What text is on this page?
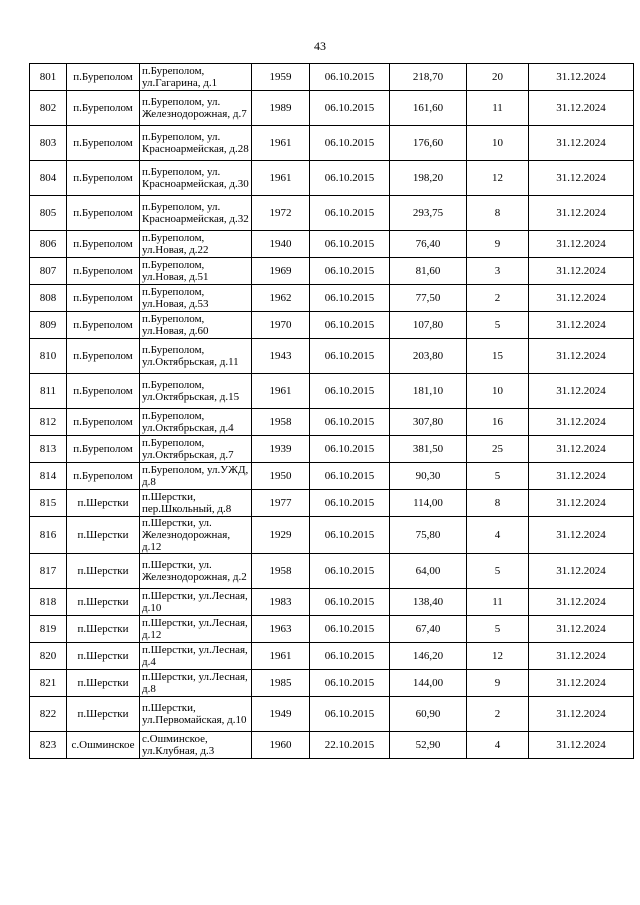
43
801	п.Буреполом	п.Буреполом, ул.Гагарина, д.1	1959	06.10.2015	218,70	20	31.12.2024
802	п.Буреполом	п.Буреполом, ул. Железнодорожная, д.7	1989	06.10.2015	161,60	11	31.12.2024
803	п.Буреполом	п.Буреполом, ул. Красноармейская, д.28	1961	06.10.2015	176,60	10	31.12.2024
804	п.Буреполом	п.Буреполом, ул. Красноармейская, д.30	1961	06.10.2015	198,20	12	31.12.2024
805	п.Буреполом	п.Буреполом, ул. Красноармейская, д.32	1972	06.10.2015	293,75	8	31.12.2024
806	п.Буреполом	п.Буреполом, ул.Новая, д.22	1940	06.10.2015	76,40	9	31.12.2024
807	п.Буреполом	п.Буреполом, ул.Новая, д.51	1969	06.10.2015	81,60	3	31.12.2024
808	п.Буреполом	п.Буреполом, ул.Новая, д.53	1962	06.10.2015	77,50	2	31.12.2024
809	п.Буреполом	п.Буреполом, ул.Новая, д.60	1970	06.10.2015	107,80	5	31.12.2024
810	п.Буреполом	п.Буреполом, ул.Октябрьская, д.11	1943	06.10.2015	203,80	15	31.12.2024
811	п.Буреполом	п.Буреполом, ул.Октябрьская, д.15	1961	06.10.2015	181,10	10	31.12.2024
812	п.Буреполом	п.Буреполом, ул.Октябрьская, д.4	1958	06.10.2015	307,80	16	31.12.2024
813	п.Буреполом	п.Буреполом, ул.Октябрьская, д.7	1939	06.10.2015	381,50	25	31.12.2024
814	п.Буреполом	п.Буреполом, ул.УЖД, д.8	1950	06.10.2015	90,30	5	31.12.2024
815	п.Шерстки	п.Шерстки, пер.Школьный, д.8	1977	06.10.2015	114,00	8	31.12.2024
816	п.Шерстки	п.Шерстки, ул. Железнодорожная, д.12	1929	06.10.2015	75,80	4	31.12.2024
817	п.Шерстки	п.Шерстки, ул. Железнодорожная, д.2	1958	06.10.2015	64,00	5	31.12.2024
818	п.Шерстки	п.Шерстки, ул.Лесная, д.10	1983	06.10.2015	138,40	11	31.12.2024
819	п.Шерстки	п.Шерстки, ул.Лесная, д.12	1963	06.10.2015	67,40	5	31.12.2024
820	п.Шерстки	п.Шерстки, ул.Лесная, д.4	1961	06.10.2015	146,20	12	31.12.2024
821	п.Шерстки	п.Шерстки, ул.Лесная, д.8	1985	06.10.2015	144,00	9	31.12.2024
822	п.Шерстки	п.Шерстки, ул.Первомайская, д.10	1949	06.10.2015	60,90	2	31.12.2024
823	с.Ошминское	с.Ошминское, ул.Клубная, д.3	1960	22.10.2015	52,90	4	31.12.2024
